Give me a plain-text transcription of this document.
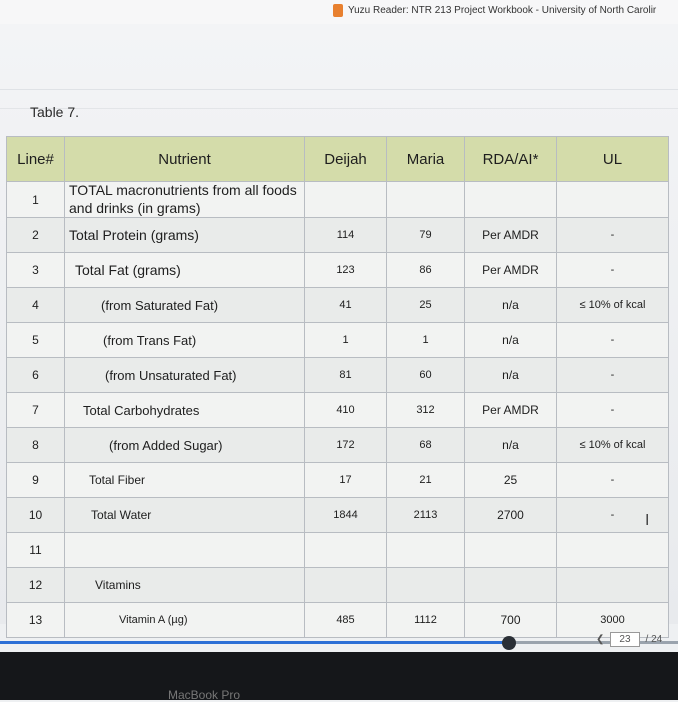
Yuzu Reader: NTR 213 Project Workbook - University of North Carolir
Table 7.
Line#	Nutrient	Deijah	Maria	RDA/AI*	UL
1	TOTAL macronutrients from all foods and drinks (in grams)				
2	Total Protein (grams)	114	79	Per AMDR	-
3	Total Fat (grams)	123	86	Per AMDR	-
4	(from Saturated Fat)	41	25	n/a	≤ 10% of kcal
5	(from Trans Fat)	1	1	n/a	-
6	(from Unsaturated Fat)	81	60	n/a	-
7	Total Carbohydrates	410	312	Per AMDR	-
8	(from Added Sugar)	172	68	n/a	≤ 10% of kcal
9	Total Fiber	17	21	25	-
10	Total Water	1844	2113	2700	-
11					
12	Vitamins				
13	Vitamin A (µg)	485	1112	700	3000
I
❮	23	/ 24
MacBook Pro
